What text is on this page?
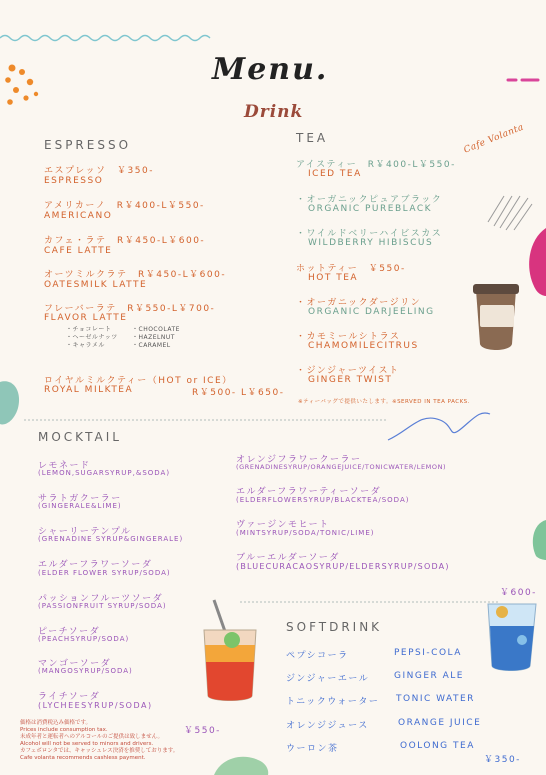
Menu.
Drink
Cafe Volanta
ESPRESSO
エスプレッソ　￥350-
ESPRESSO
アメリカーノ　R￥400-L￥550-
AMERICANO
カフェ・ラテ　R￥450-L￥600-
CAFE LATTE
オーツミルクラテ　R￥450-L￥600-
OATESMILK LATTE
フレーバーラテ　R￥550-L￥700-
FLAVOR LATTE
・チョコレート
・ヘーゼルナッツ
・キャラメル
・CHOCOLATE
・HAZELNUT
・CARAMEL
ロイヤルミルクティー（HOT or ICE）
ROYAL MILKTEA	R￥500- L￥650-
TEA
アイスティー　R￥400-L￥550-
ICED TEA
・オーガニックピュアブラック
ORGANIC PUREBLACK
・ワイルドベリーハイビスカス
WILDBERRY HIBISCUS
ホットティー　￥550-
HOT TEA
・オーガニックダージリン
ORGANIC DARJEELING
・カモミールシトラス
CHAMOMILECITRUS
・ジンジャーツイスト
GINGER TWIST
※ティーバッグで提供いたします。※SERVED IN TEA PACKS.
MOCKTAIL
レモネード
(LEMON,SUGARSYRUP,&SODA)
サラトガクーラー
(GINGERALE&LIME)
シャーリーテンプル
(GRENADINE SYRUP&GINGERALE)
エルダーフラワーソーダ
(ELDER FLOWER SYRUP/SODA)
パッションフルーツソーダ
(PASSIONFRUIT SYRUP/SODA)
ピーチソーダ
(PEACHSYRUP/SODA)
マンゴーソーダ
(MANGOSYRUP/SODA)
ライチソーダ
(LYCHEESYRUP/SODA)
オレンジフラワークーラー
(GRENADINESYRUP/ORANGEJUICE/TONICWATER/LEMON)
エルダーフラワーティーソーダ
(ELDERFLOWERSYRUP/BLACKTEA/SODA)
ヴァージンモヒート
(MINTSYRUP/SODA/TONIC/LIME)
ブルーエルダーソーダ
(BLUECURACAOSYRUP/ELDERSYRUP/SODA)
￥550-
￥600-
SOFTDRINK
ペプシコーラ	PEPSI-COLA
ジンジャーエール	GINGER ALE
トニックウォーター TONIC WATER
オレンジジュース	ORANGE JUICE
ウーロン茶	OOLONG TEA
￥350-
価格は消費税込み価格です。
Prices include consumption tax.
未成年者と運転者へのアルコールのご提供は致しません。
Alcohol will not be served to minors and drivers.
カフェボロンタでは、キャッシュレス決済を推奨しております。
Cafe volanta recommends cashless payment.
